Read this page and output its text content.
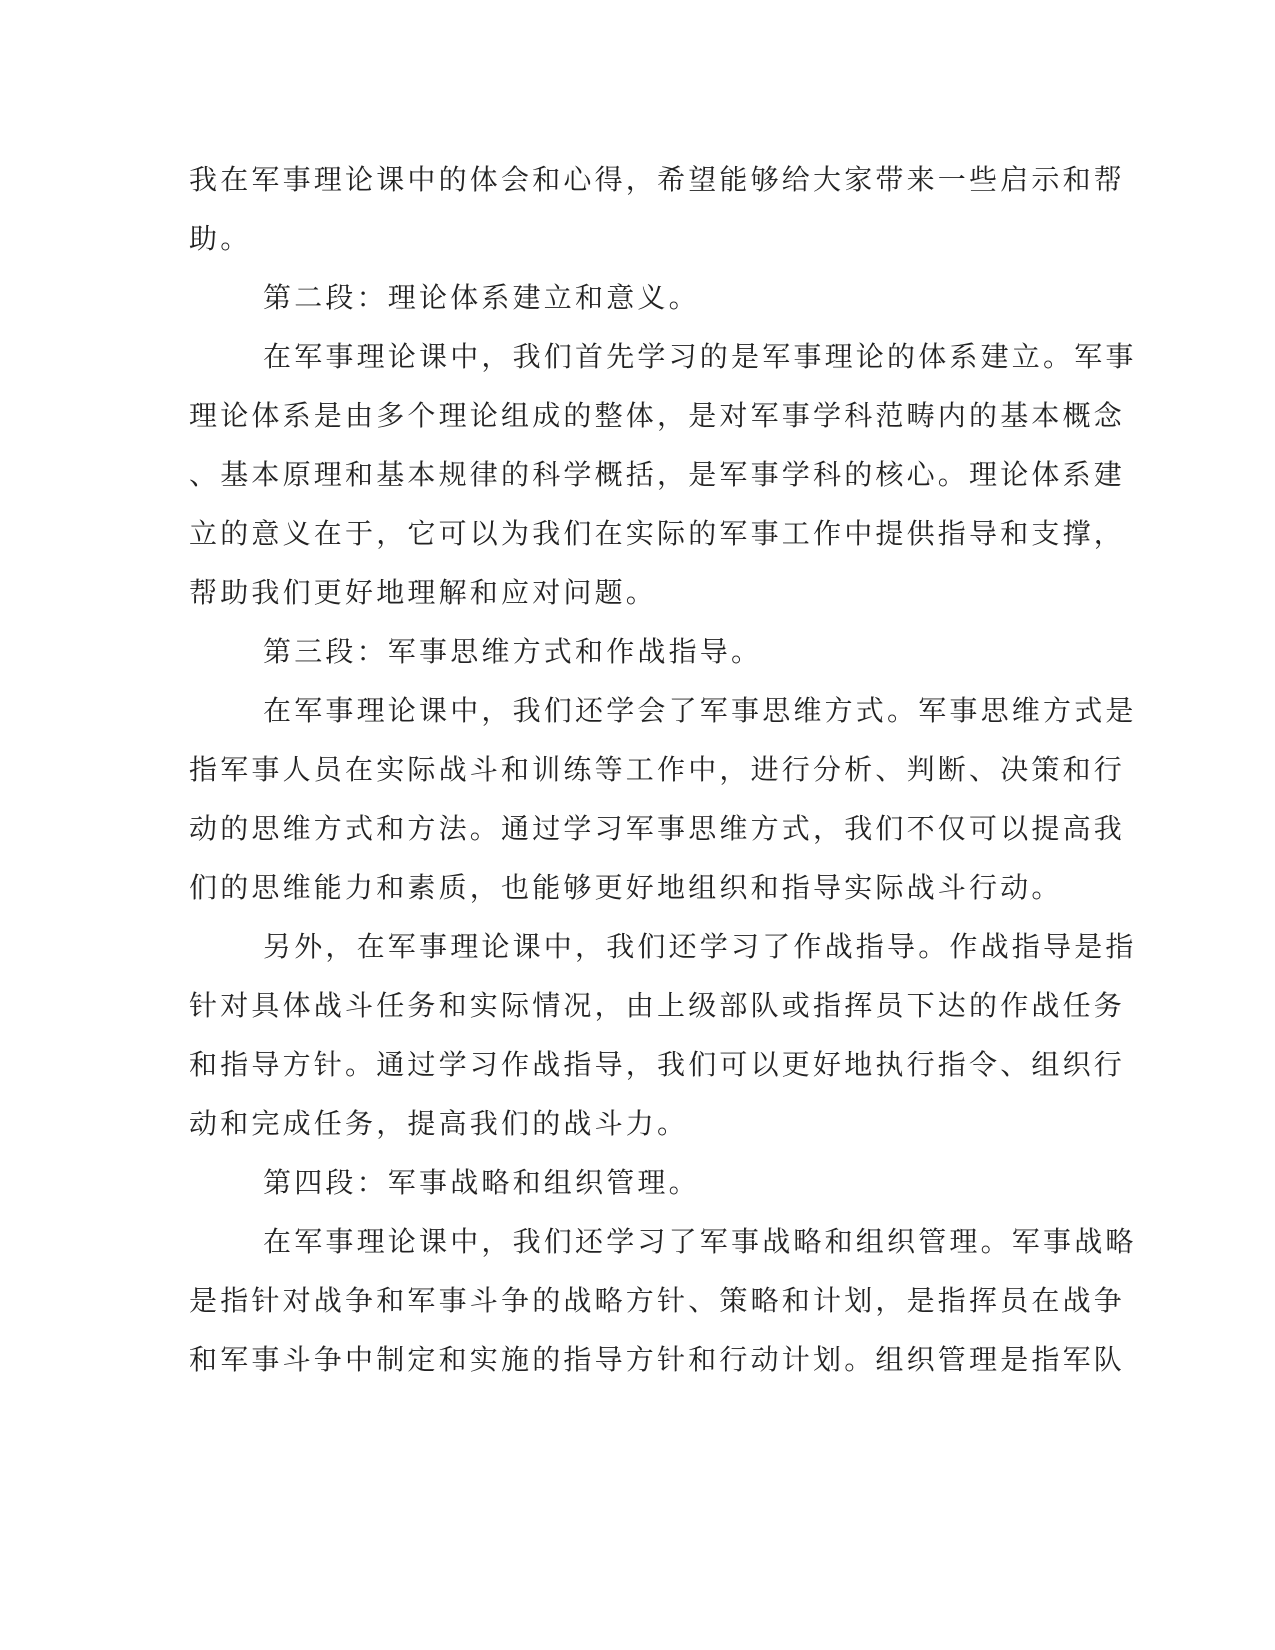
我在军事理论课中的体会和心得，希望能够给大家带来一些启示和帮
助。
第二段：理论体系建立和意义。
在军事理论课中，我们首先学习的是军事理论的体系建立。军事
理论体系是由多个理论组成的整体，是对军事学科范畴内的基本概念
、基本原理和基本规律的科学概括，是军事学科的核心。理论体系建
立的意义在于，它可以为我们在实际的军事工作中提供指导和支撑，
帮助我们更好地理解和应对问题。
第三段：军事思维方式和作战指导。
在军事理论课中，我们还学会了军事思维方式。军事思维方式是
指军事人员在实际战斗和训练等工作中，进行分析、判断、决策和行
动的思维方式和方法。通过学习军事思维方式，我们不仅可以提高我
们的思维能力和素质，也能够更好地组织和指导实际战斗行动。
另外，在军事理论课中，我们还学习了作战指导。作战指导是指
针对具体战斗任务和实际情况，由上级部队或指挥员下达的作战任务
和指导方针。通过学习作战指导，我们可以更好地执行指令、组织行
动和完成任务，提高我们的战斗力。
第四段：军事战略和组织管理。
在军事理论课中，我们还学习了军事战略和组织管理。军事战略
是指针对战争和军事斗争的战略方针、策略和计划，是指挥员在战争
和军事斗争中制定和实施的指导方针和行动计划。组织管理是指军队
